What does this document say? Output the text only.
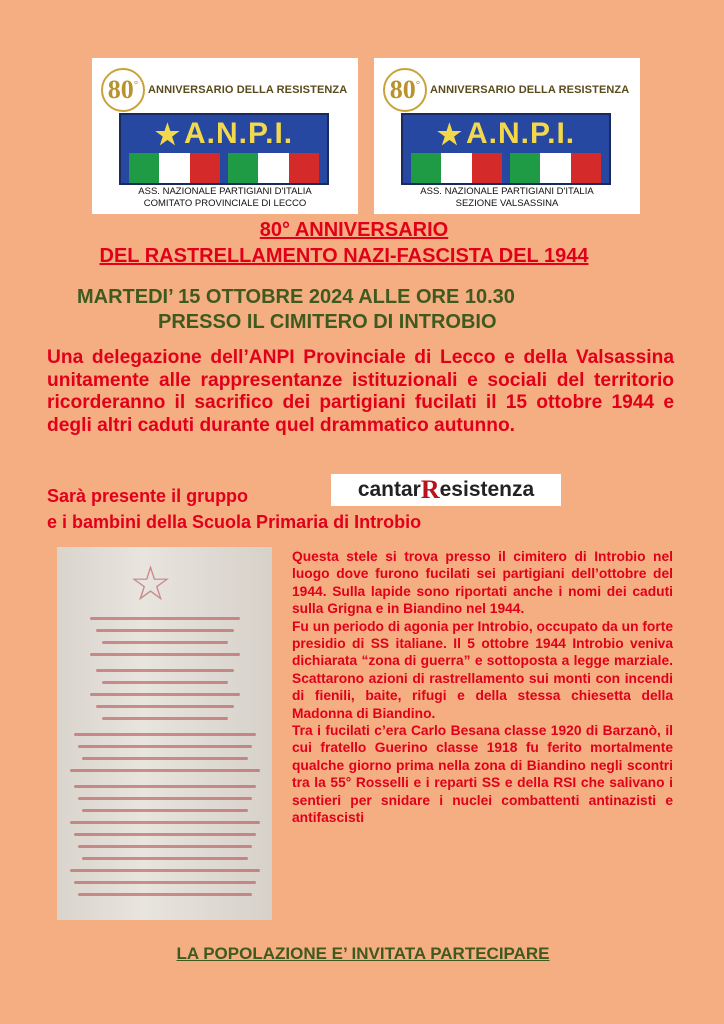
80 ° ANNIVERSARIO DELLA RESISTENZA
★ A.N.P.I.
ASS. NAZIONALE PARTIGIANI D'ITALIA
COMITATO PROVINCIALE DI LECCO
80 ° ANNIVERSARIO DELLA RESISTENZA
★ A.N.P.I.
ASS. NAZIONALE PARTIGIANI D'ITALIA
SEZIONE VALSASSINA
80° ANNIVERSARIO
DEL RASTRELLAMENTO NAZI-FASCISTA DEL 1944
MARTEDI’ 15 OTTOBRE 2024 ALLE ORE 10.30
PRESSO IL CIMITERO DI INTROBIO

Una delegazione dell’ANPI Provinciale di Lecco e della Valsassina unitamente alle rappresentanze istituzionali e sociali del territorio ricorderanno il sacrifico dei partigiani fucilati il 15 ottobre 1944 e degli altri caduti durante quel drammatico autunno.

Sarà presente il gruppo	cantar R esistenza
e i bambini della Scuola Primaria di Introbio
☆

Questa stele si trova presso il cimitero di Introbio nel luogo dove furono fucilati sei partigiani dell’ottobre del 1944. Sulla lapide sono riportati anche i nomi dei caduti sulla Grigna e in Biandino nel 1944.

Fu un periodo di agonia per Introbio, occupato da un forte presidio di SS italiane. Il 5 ottobre 1944 Introbio veniva dichiarata “zona di guerra” e sottoposta a legge marziale. Scattarono azioni di rastrellamento sui monti con incendi di fienili, baite, rifugi e della stessa chiesetta della Madonna di Biandino.

Tra i fucilati c’era Carlo Besana classe 1920 di Barzanò, il cui fratello Guerino classe 1918 fu ferito mortalmente qualche giorno prima nella zona di Biandino negli scontri tra la 55° Rosselli e i reparti SS e della RSI che salivano i sentieri per snidare i nuclei combattenti antinazisti e antifascisti

LA POPOLAZIONE E’ INVITATA PARTECIPARE
